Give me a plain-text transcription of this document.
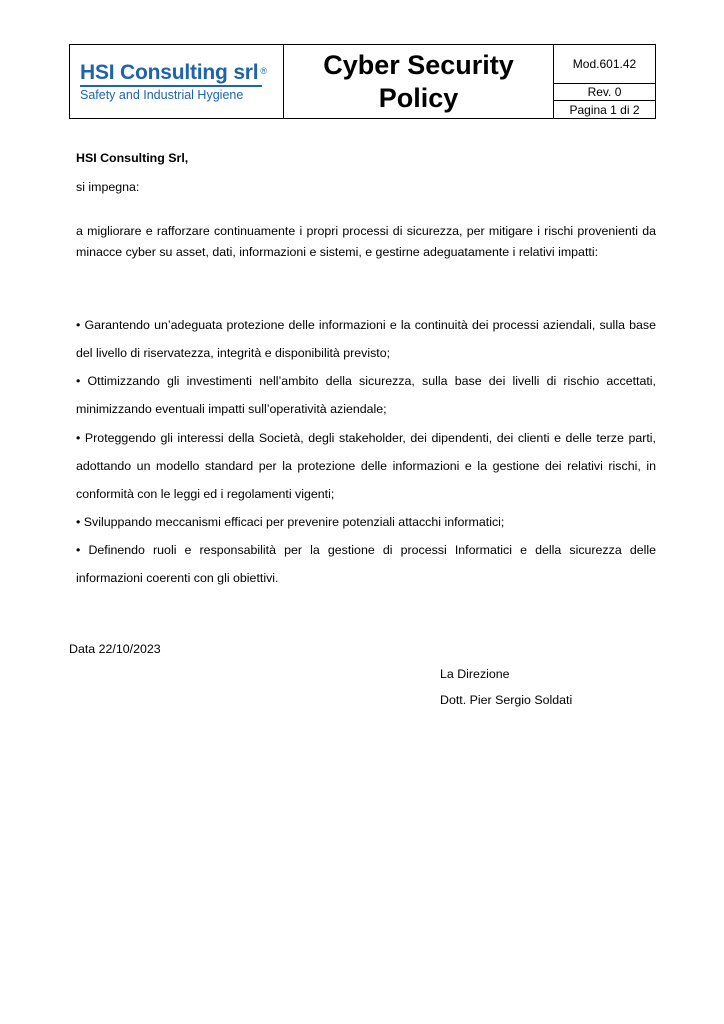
HSI Consulting srl ®
Safety and Industrial Hygiene
Cyber Security Policy
Mod.601.42
Rev. 0
Pagina 1 di 2

HSI Consulting Srl,

si impegna:

a migliorare e rafforzare continuamente i propri processi di sicurezza, per mitigare i rischi provenienti da minacce cyber su asset, dati, informazioni e sistemi, e gestirne adeguatamente i relativi impatti:

• Garantendo un’adeguata protezione delle informazioni e la continuità dei processi aziendali, sulla base del livello di riservatezza, integrità e disponibilità previsto;

• Ottimizzando gli investimenti nell’ambito della sicurezza, sulla base dei livelli di rischio accettati, minimizzando eventuali impatti sull’operatività aziendale;

• Proteggendo gli interessi della Società, degli stakeholder, dei dipendenti, dei clienti e delle terze parti, adottando un modello standard per la protezione delle informazioni e la gestione dei relativi rischi, in conformità con le leggi ed i regolamenti vigenti;

• Sviluppando meccanismi efficaci per prevenire potenziali attacchi informatici;

• Definendo ruoli e responsabilità per la gestione di processi Informatici e della sicurezza delle informazioni coerenti con gli obiettivi.

Data 22/10/2023

La Direzione

Dott. Pier Sergio Soldati
